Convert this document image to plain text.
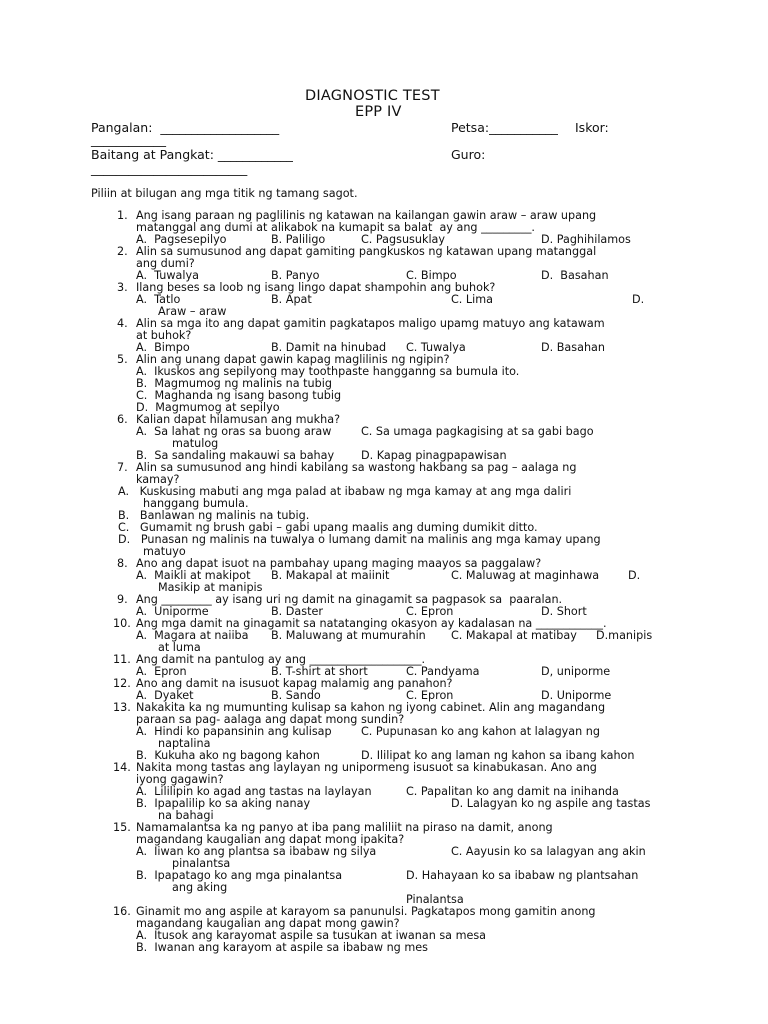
DIAGNOSTIC TEST
EPP IV
Pangalan:  ___________________	Petsa:___________ Iskor:
____________
Baitang at Pangkat: ____________	Guro:
_________________________
Piliin at bilugan ang mga titik ng tamang sagot.
1. Ang isang paraan ng paglilinis ng katawan na kailangan gawin araw – araw upang
matanggal ang dumi at alikabok na kumapit sa balat  ay ang _________.
A.  Pagsesepilyo	B. Paliligo	C. Pagsusuklay	D. Paghihilamos
2. Alin sa sumusunod ang dapat gamiting pangkuskos ng katawan upang matanggal
ang dumi?
A.  Tuwalya	B. Panyo	C. Bimpo	D.  Basahan
3. Ilang beses sa loob ng isang lingo dapat shampohin ang buhok?
A.  Tatlo	B. Apat	C. Lima	D.
Araw – araw
4. Alin sa mga ito ang dapat gamitin pagkatapos maligo upamg matuyo ang katawam
at buhok?
A.  Bimpo	B. Damit na hinubad C. Tuwalya	D. Basahan
5. Alin ang unang dapat gawin kapag maglilinis ng ngipin?
A.  Ikuskos ang sepilyong may toothpaste hangganng sa bumula ito.
B.  Magmumog ng malinis na tubig
C.  Maghanda ng isang basong tubig
D.  Magmumog at sepilyo
6. Kalian dapat hilamusan ang mukha?
A.  Sa lahat ng oras sa buong araw	C. Sa umaga pagkagising at sa gabi bago
matulog
B.  Sa sandaling makauwi sa bahay D. Kapag pinagpapawisan
7. Alin sa sumusunod ang hindi kabilang sa wastong hakbang sa pag – aalaga ng
kamay?
A.   Kuskusing mabuti ang mga palad at ibabaw ng mga kamay at ang mga daliri
hanggang bumula.
B.   Banlawan ng malinis na tubig.
C.   Gumamit ng brush gabi – gabi upang maalis ang duming dumikit ditto.
D.   Punasan ng malinis na tuwalya o lumang damit na malinis ang mga kamay upang
matuyo
8. Ano ang dapat isuot na pambahay upang maging maayos sa paggalaw?
A.  Maikli at makipot B. Makapal at maiinit	C. Maluwag at maginhawa	D.
Masikip at manipis
9. Ang _________ ay isang uri ng damit na ginagamit sa pagpasok sa  paaralan.
A.  Uniporme	B. Daster	C. Epron	D. Short
10. Ang mga damit na ginagamit sa natatanging okasyon ay kadalasan na ____________.
A.  Magara at naiiba B. Maluwang at mumurahin C. Makapal at matibay D.manipis
at luma
11. Ang damit na pantulog ay ang ____________________.
A.  Epron	B. T-shirt at short	C. Pandyama	D, uniporme
12. Ano ang damit na isusuot kapag malamig ang panahon?
A.  Dyaket	B. Sando	C. Epron	D. Uniporme
13. Nakakita ka ng mumunting kulisap sa kahon ng iyong cabinet. Alin ang magandang
paraan sa pag- aalaga ang dapat mong sundin?
A.  Hindi ko papansinin ang kulisap	C. Pupunasan ko ang kahon at lalagyan ng
naptalina
B.  Kukuha ako ng bagong kahon	D. Ililipat ko ang laman ng kahon sa ibang kahon
14. Nakita mong tastas ang laylayan ng unipormeng isusuot sa kinabukasan. Ano ang
iyong gagawin?
A.  Lililipin ko agad ang tastas na laylayan	C. Papalitan ko ang damit na inihanda
B.  Ipapalilip ko sa aking nanay	D. Lalagyan ko ng aspile ang tastas
na bahagi
15. Namamalantsa ka ng panyo at iba pang maliliit na piraso na damit, anong
magandang kaugalian ang dapat mong ipakita?
A.  Iiwan ko ang plantsa sa ibabaw ng silya	C. Aayusin ko sa lalagyan ang akin
pinalantsa
B.  Ipapatago ko ang mga pinalantsa	D. Hahayaan ko sa ibabaw ng plantsahan
ang aking
Pinalantsa
16. Ginamit mo ang aspile at karayom sa panunulsi. Pagkatapos mong gamitin anong
magandang kaugalian ang dapat mong gawin?
A.  Itusok ang karayomat aspile sa tusukan at iwanan sa mesa
B.  Iwanan ang karayom at aspile sa ibabaw ng mes
